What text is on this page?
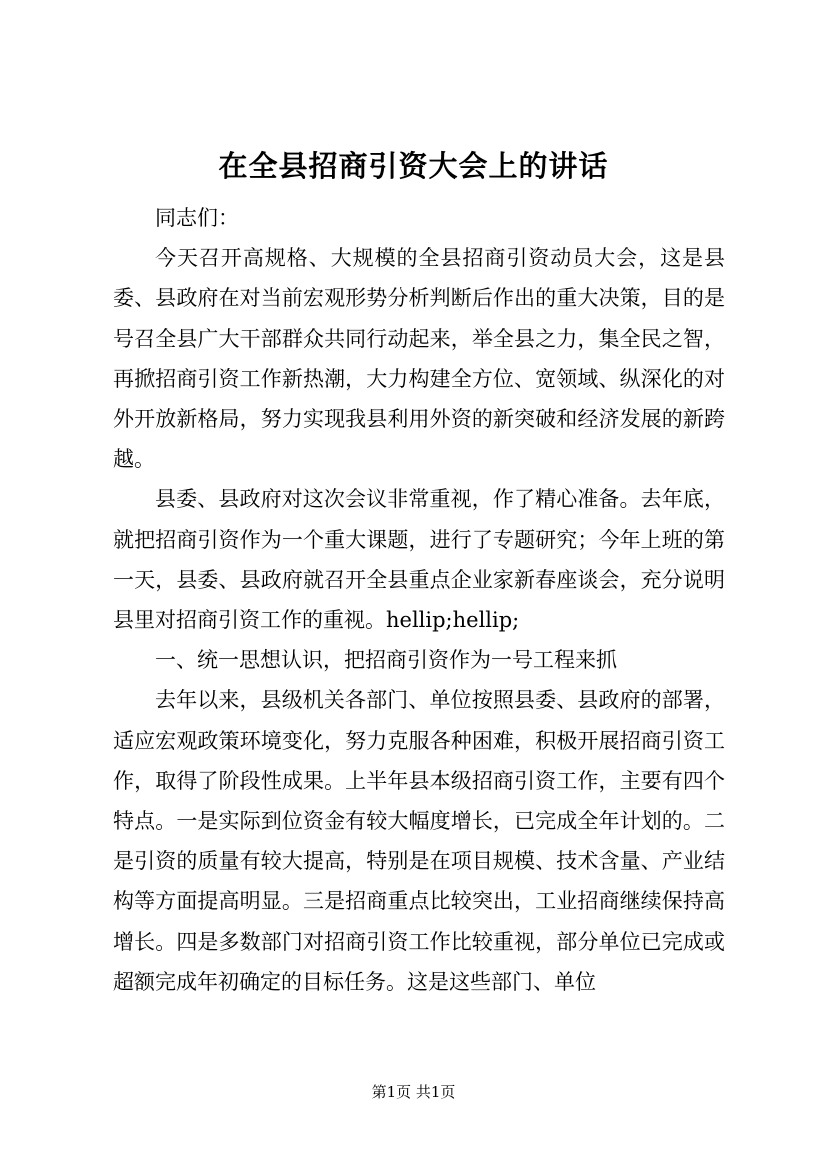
在全县招商引资大会上的讲话

同志们：

今天召开高规格、大规模的全县招商引资动员大会，这是县委、县政府在对当前宏观形势分析判断后作出的重大决策，目的是号召全县广大干部群众共同行动起来，举全县之力，集全民之智，再掀招商引资工作新热潮，大力构建全方位、宽领域、纵深化的对外开放新格局，努力实现我县利用外资的新突破和经济发展的新跨越。

县委、县政府对这次会议非常重视，作了精心准备。去年底，就把招商引资作为一个重大课题，进行了专题研究；今年上班的第一天，县委、县政府就召开全县重点企业家新春座谈会，充分说明县里对招商引资工作的重视。hellip;hellip;

一、统一思想认识，把招商引资作为一号工程来抓

去年以来，县级机关各部门、单位按照县委、县政府的部署，适应宏观政策环境变化，努力克服各种困难，积极开展招商引资工作，取得了阶段性成果。上半年县本级招商引资工作，主要有四个特点。一是实际到位资金有较大幅度增长，已完成全年计划的。二是引资的质量有较大提高，特别是在项目规模、技术含量、产业结构等方面提高明显。三是招商重点比较突出，工业招商继续保持高增长。四是多数部门对招商引资工作比较重视，部分单位已完成或超额完成年初确定的目标任务。这是这些部门、单位

第1页 共1页
